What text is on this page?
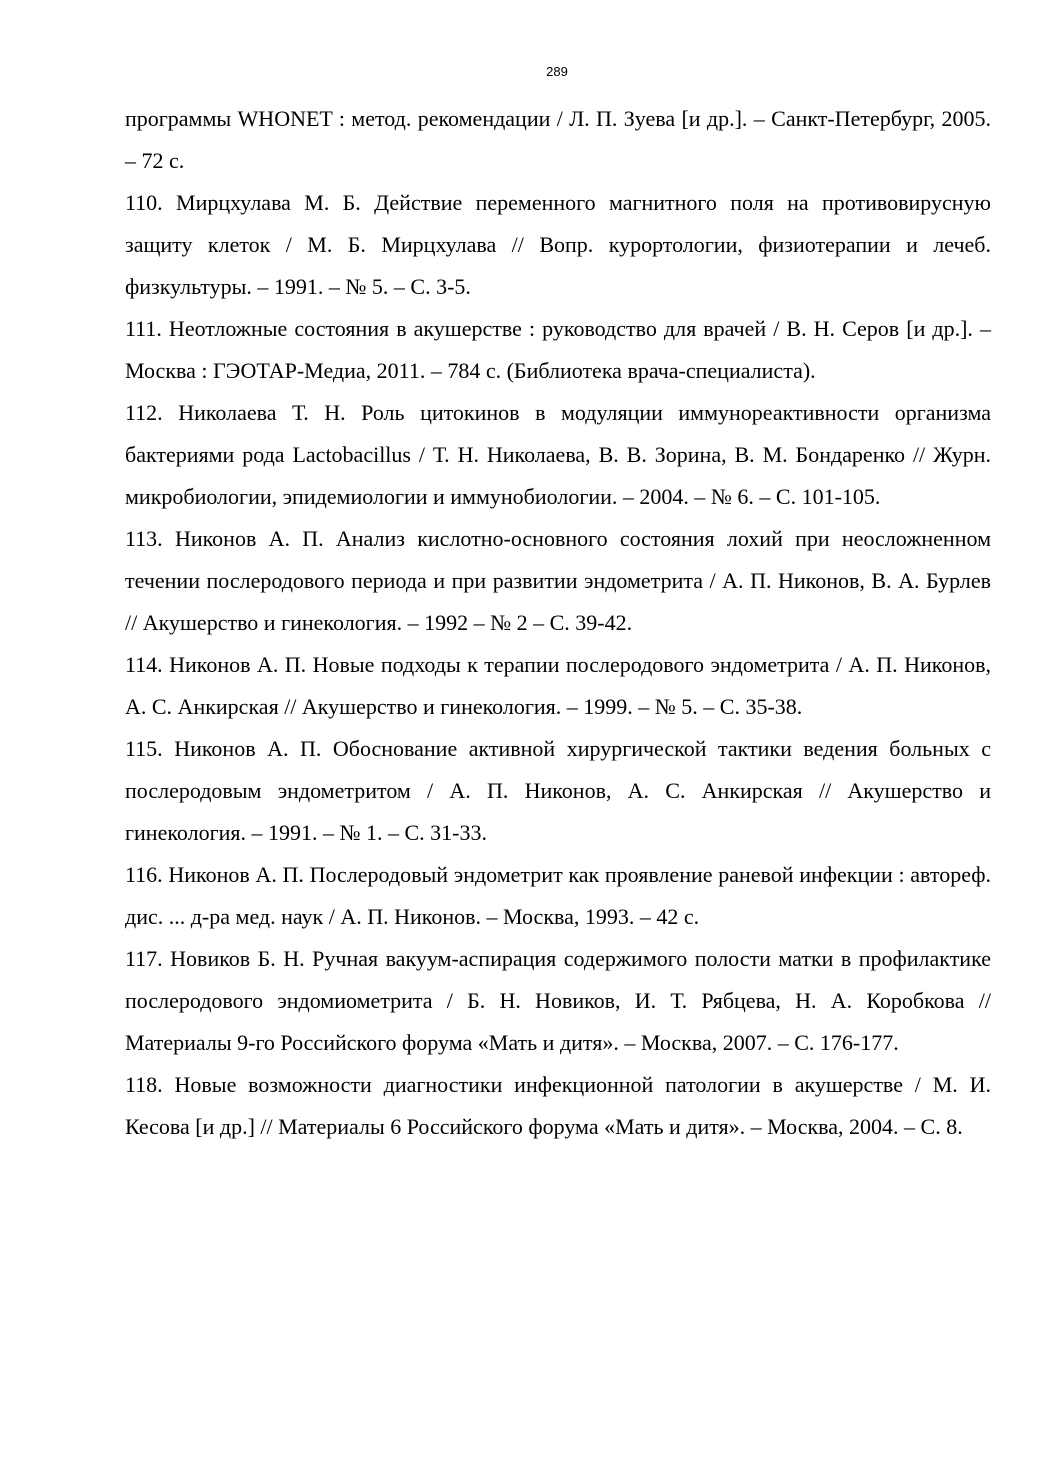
289

программы WHONET : метод. рекомендации / Л. П. Зуева [и др.]. – Санкт-Петербург, 2005. – 72 с.

110. Мирцхулава М. Б. Действие переменного магнитного поля на противовирусную защиту клеток / М. Б. Мирцхулава // Вопр. курортологии, физиотерапии и лечеб. физкультуры. – 1991. – № 5. – С. 3-5.

111. Неотложные состояния в акушерстве : руководство для врачей / В. Н. Серов [и др.]. – Москва : ГЭОТАР-Медиа, 2011. – 784 с. (Библиотека врача-специалиста).

112. Николаева Т. Н. Роль цитокинов в модуляции иммунореактивности организма бактериями рода Lactobacillus / Т. Н. Николаева, В. В. Зорина, В. М. Бондаренко // Журн. микробиологии, эпидемиологии и иммунобиологии. – 2004. – № 6. – С. 101-105.

113. Никонов А. П. Анализ кислотно-основного состояния лохий при неосложненном течении послеродового периода и при развитии эндометрита / А. П. Никонов, В. А. Бурлев // Акушерство и гинекология. – 1992 – № 2 – С. 39-42.

114. Никонов А. П. Новые подходы к терапии послеродового эндометрита / А. П. Никонов, А. С. Анкирская // Акушерство и гинекология. – 1999. – № 5. – С. 35-38.

115. Никонов А. П. Обоснование активной хирургической тактики ведения больных с послеродовым эндометритом / А. П. Никонов, А. С. Анкирская // Акушерство и гинекология. – 1991. – № 1. – С. 31-33.

116. Никонов А. П. Послеродовый эндометрит как проявление раневой инфекции : автореф. дис. ... д-ра мед. наук / А. П. Никонов. – Москва, 1993. – 42 с.

117. Новиков Б. Н. Ручная вакуум-аспирация содержимого полости матки в профилактике послеродового эндомиометрита / Б. Н. Новиков, И. Т. Рябцева, Н. А. Коробкова // Материалы 9-го Российского форума «Мать и дитя». – Москва, 2007. – С. 176-177.

118. Новые возможности диагностики инфекционной патологии в акушерстве / М. И. Кесова [и др.] // Материалы 6 Российского форума «Мать и дитя». – Москва, 2004. – С. 8.
